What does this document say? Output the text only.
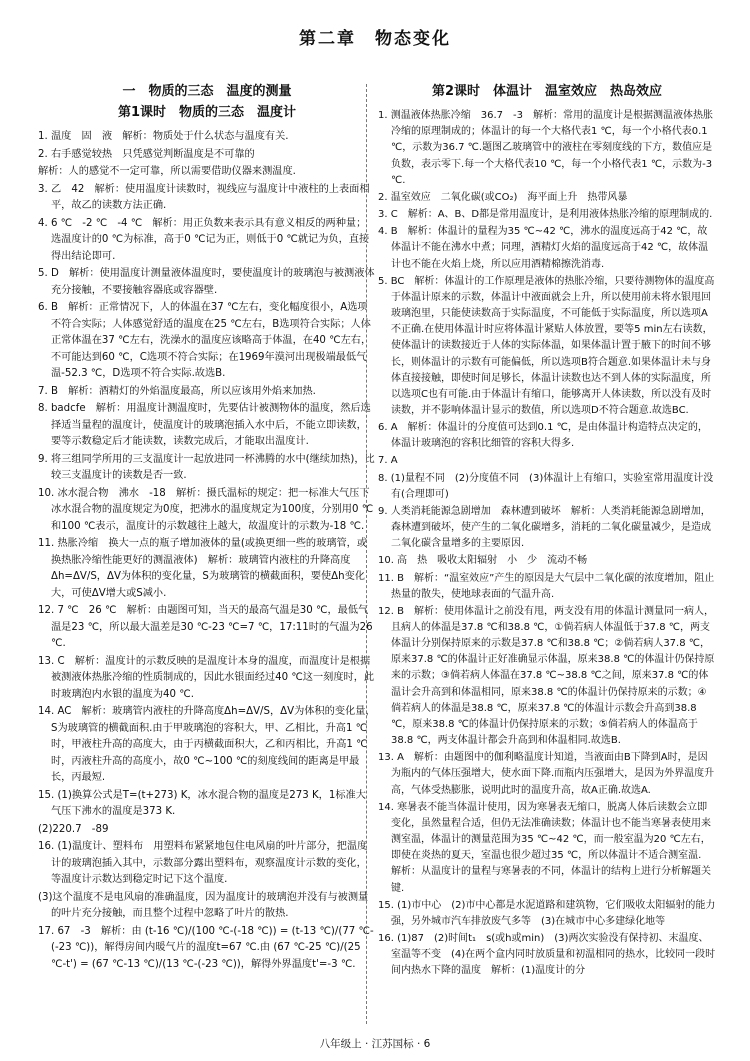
第二章　物态变化
一　物质的三态　温度的测量
第1课时　物质的三态　温度计
1. 温度　固　液　解析：物质处于什么状态与温度有关.
2. 右手感觉较热　只凭感觉判断温度是不可靠的
解析：人的感觉不一定可靠，所以需要借助仪器来测温度.
3. 乙　42　解析：使用温度计读数时，视线应与温度计中液柱的上表面相平，故乙的读数方法正确.
4. 6 ℃　-2 ℃　-4 ℃　解析：用正负数来表示具有意义相反的两种量；选温度计的0 ℃为标准，高于0 ℃记为正，则低于0 ℃就记为负，直接得出结论即可.
5. D　解析：使用温度计测量液体温度时，要使温度计的玻璃泡与被测液体充分接触，不要接触容器底或容器壁.
6. B　解析：正常情况下，人的体温在37 ℃左右，变化幅度很小，A选项不符合实际；人体感觉舒适的温度在25 ℃左右，B选项符合实际；人体正常体温在37 ℃左右，洗澡水的温度应该略高于体温，在40 ℃左右，不可能达到60 ℃，C选项不符合实际；在1969年漠河出现极端最低气温-52.3 ℃，D选项不符合实际.故选B.
7. B　解析：酒精灯的外焰温度最高，所以应该用外焰来加热.
8. badcfe　解析：用温度计测温度时，先要估计被测物体的温度，然后选择适当量程的温度计，使温度计的玻璃泡插入水中后，不能立即读数，要等示数稳定后才能读数，读数完成后，才能取出温度计.
9. 将三组同学所用的三支温度计一起放进同一杯沸腾的水中(继续加热)，比较三支温度计的读数是否一致.
10. 冰水混合物　沸水　-18　解析：摄氏温标的规定：把一标准大气压下冰水混合物的温度规定为0度，把沸水的温度规定为100度，分别用0 ℃和100 ℃表示，温度计的示数越往上越大，故温度计的示数为-18 ℃.
11. 热胀冷缩　换大一点的瓶子增加液体的量(或换更细一些的玻璃管，或换热胀冷缩性能更好的测温液体)　解析：玻璃管内液柱的升降高度Δh=ΔV/S，ΔV为体积的变化量，S为玻璃管的横截面积，要使Δh变化大，可使ΔV增大或S减小.
12. 7 ℃　26 ℃　解析：由题图可知，当天的最高气温是30 ℃，最低气温是23 ℃，所以最大温差是30 ℃-23 ℃=7 ℃，17:11时的气温为26 ℃.
13. C　解析：温度计的示数反映的是温度计本身的温度，而温度计是根据被测液体热胀冷缩的性质制成的，因此水银面经过40 ℃这一刻度时，此时玻璃泡内水银的温度为40 ℃.
14. AC　解析：玻璃管内液柱的升降高度Δh=ΔV/S，ΔV为体积的变化量，S为玻璃管的横截面积.由于甲玻璃泡的容积大，甲、乙相比，升高1 ℃时，甲液柱升高的高度大，由于丙横截面积大，乙和丙相比，升高1 ℃时，丙液柱升高的高度小，故0 ℃~100 ℃的刻度线间的距离是甲最长，丙最短.
15. (1)换算公式是T=(t+273) K，冰水混合物的温度是273 K，1标准大气压下沸水的温度是373 K.
(2)220.7　-89
16. (1)温度计、塑料布　用塑料布紧紧地包住电风扇的叶片部分，把温度计的玻璃泡插入其中，示数部分露出塑料布，观察温度计示数的变化，等温度计示数达到稳定时记下这个温度.
(3)这个温度不是电风扇的准确温度，因为温度计的玻璃泡并没有与被测量的叶片充分接触，而且整个过程中忽略了叶片的散热.
17. 67　-3　解析：由 (t-16 ℃)/(100 ℃-(-18 ℃)) = (t-13 ℃)/(77 ℃-(-23 ℃))，解得房间内暖气片的温度t=67 ℃.由 (67 ℃-25 ℃)/(25 ℃-t') = (67 ℃-13 ℃)/(13 ℃-(-23 ℃))，解得外界温度t'=-3 ℃.
第2课时　体温计　温室效应　热岛效应
1. 测温液体热胀冷缩　36.7　-3　解析：常用的温度计是根据测温液体热胀冷缩的原理制成的；体温计的每一个大格代表1 ℃，每一个小格代表0.1 ℃，示数为36.7 ℃.题图乙玻璃管中的液柱在零刻度线的下方，数值应是负数，表示零下.每一个大格代表10 ℃，每一个小格代表1 ℃，示数为-3 ℃.
2. 温室效应　二氧化碳(或CO₂)　海平面上升　热带风暴
3. C　解析：A、B、D都是常用温度计，是利用液体热胀冷缩的原理制成的.
4. B　解析：体温计的量程为35 ℃~42 ℃，沸水的温度远高于42 ℃，故体温计不能在沸水中煮；同理，酒精灯火焰的温度远高于42 ℃，故体温计也不能在火焰上烧，所以应用酒精棉擦洗消毒.
5. BC　解析：体温计的工作原理是液体的热胀冷缩，只要待测物体的温度高于体温计原来的示数，体温计中液面就会上升，所以使用前未将水银甩回玻璃泡里，只能使读数高于实际温度，不可能低于实际温度，所以选项A不正确.在使用体温计时应将体温计紧贴人体放置，要等5 min左右读数，使体温计的读数接近于人体的实际体温，如果体温计置于腋下的时间不够长，则体温计的示数有可能偏低，所以选项B符合题意.如果体温计未与身体直接接触，即使时间足够长，体温计读数也达不到人体的实际温度，所以选项C也有可能.由于体温计有缩口，能够离开人体读数，所以没有及时读数，并不影响体温计显示的数值，所以选项D不符合题意.故选BC.
6. A　解析：体温计的分度值可达到0.1 ℃，是由体温计构造特点决定的，体温计玻璃泡的容积比细管的容积大得多.
7. A
8. (1)量程不同　(2)分度值不同　(3)体温计上有缩口，实验室常用温度计没有(合理即可)
9. 人类消耗能源急剧增加　森林遭到破坏　解析：人类消耗能源急剧增加，森林遭到破坏，使产生的二氧化碳增多，消耗的二氧化碳量减少，是造成二氧化碳含量增多的主要原因.
10. 高　热　吸收太阳辐射　小　少　流动不畅
11. B　解析：“温室效应”产生的原因是大气层中二氧化碳的浓度增加，阻止热量的散失，使地球表面的气温升高.
12. B　解析：使用体温计之前没有甩，两支没有用的体温计测量同一病人，且病人的体温是37.8 ℃和38.8 ℃，①倘若病人体温低于37.8 ℃，两支体温计分别保持原来的示数是37.8 ℃和38.8 ℃；②倘若病人37.8 ℃，原来37.8 ℃的体温计正好准确显示体温，原来38.8 ℃的体温计仍保持原来的示数；③倘若病人体温在37.8 ℃~38.8 ℃之间，原来37.8 ℃的体温计会升高到和体温相同，原来38.8 ℃的体温计仍保持原来的示数；④倘若病人的体温是38.8 ℃，原来37.8 ℃的体温计示数会升高到38.8 ℃，原来38.8 ℃的体温计仍保持原来的示数；⑤倘若病人的体温高于38.8 ℃，两支体温计都会升高到和体温相同.故选B.
13. A　解析：由题图中的伽利略温度计知道，当液面由B下降到A时，是因为瓶内的气体压强增大，使水面下降.而瓶内压强增大，是因为外界温度升高，气体受热膨胀，说明此时的温度升高，故A正确.故选A.
14. 寒暑表不能当体温计使用，因为寒暑表无缩口，脱离人体后读数会立即变化，虽然量程合适，但仍无法准确读数；体温计也不能当寒暑表使用来测室温，体温计的测量范围为35 ℃~42 ℃，而一般室温为20 ℃左右，即使在炎热的夏天，室温也很少超过35 ℃，所以体温计不适合测室温.　解析：从温度计的量程与寒暑表的不同，体温计的结构上进行分析解题关键.
15. (1)市中心　(2)市中心都是水泥道路和建筑物，它们吸收太阳辐射的能力强，另外城市汽车排放废气多等　(3)在城市中心多建绿化地等
16. (1)87　(2)时间t₁　s(或h或min)　(3)两次实验没有保持初、末温度、室温等不变　(4)在两个盒内同时放质量和初温相同的热水，比较同一段时间内热水下降的温度　解析：(1)温度计的分
八年级上 · 江苏国标 · 6
